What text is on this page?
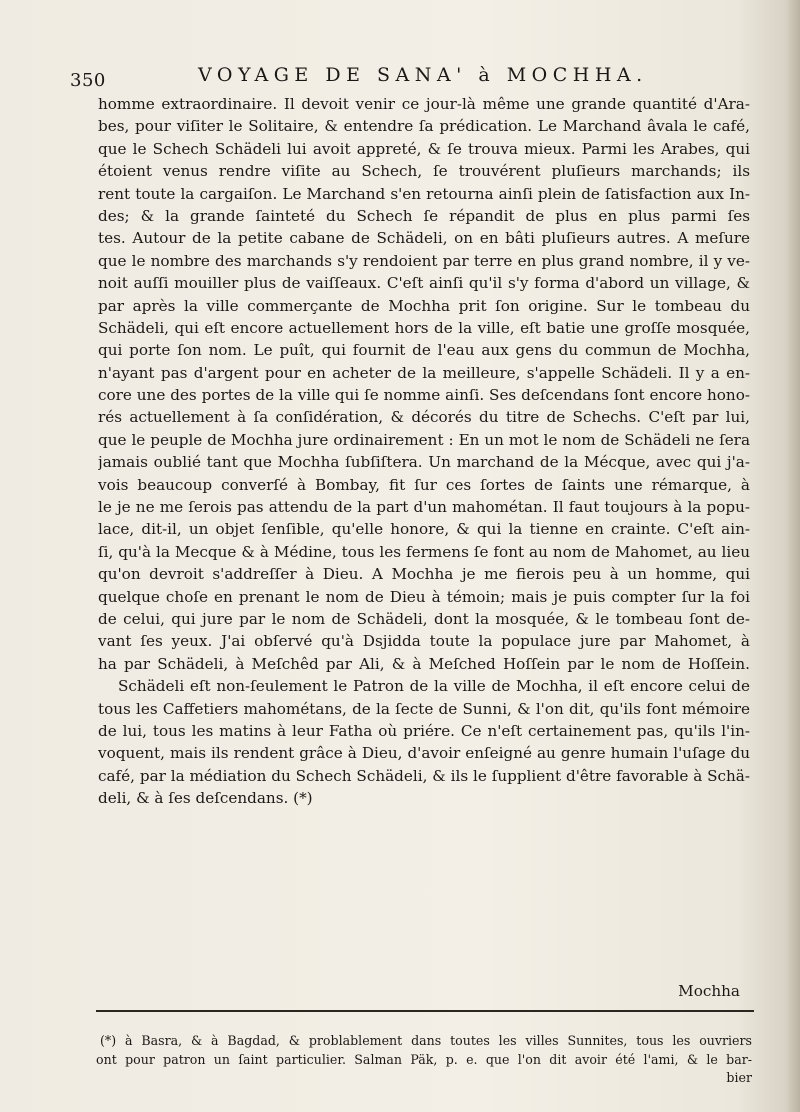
350	VOYAGE DE SANA' à MOCHHA.
homme extraordinaire. Il devoit venir ce jour-là même une grande quantité d'Ara-
bes, pour viſiter le Solitaire, & entendre ſa prédication. Le Marchand âvala le café,
que le Schech Schädeli lui avoit appreté, & ſe trouva mieux. Parmi les Arabes, qui
étoient venus rendre viſite au Schech, ſe trouvérent pluſieurs marchands; ils
rent toute la cargaiſon. Le Marchand s'en retourna ainſi plein de ſatisfaction aux In-
des; & la grande ſainteté du Schech ſe répandit de plus en plus parmi ſes
tes. Autour de la petite cabane de Schädeli, on en bâti pluſieurs autres. A meſure
que le nombre des marchands s'y rendoient par terre en plus grand nombre, il y ve-
noit auſſi mouiller plus de vaiſſeaux. C'eſt ainſi qu'il s'y forma d'abord un village, &
par après la ville commerçante de Mochha prit ſon origine. Sur le tombeau du
Schädeli, qui eſt encore actuellement hors de la ville, eſt batie une groſſe mosquée,
qui porte ſon nom. Le puît, qui fournit de l'eau aux gens du commun de Mochha,
n'ayant pas d'argent pour en acheter de la meilleure, s'appelle Schädeli. Il y a en-
core une des portes de la ville qui ſe nomme ainſi. Ses deſcendans ſont encore hono-
rés actuellement à ſa conſidération, & décorés du titre de Schechs. C'eſt par lui,
que le peuple de Mochha jure ordinairement : En un mot le nom de Schädeli ne ſera
jamais oublié tant que Mochha ſubſiſtera. Un marchand de la Mécque, avec qui j'a-
vois beaucoup converſé à Bombay, fit ſur ces ſortes de ſaints une rémarque, à
le je ne me ſerois pas attendu de la part d'un mahométan. Il faut toujours à la popu-
lace, dit-il, un objet ſenſible, qu'elle honore, & qui la tienne en crainte. C'eſt ain-
ſi, qu'à la Mecque & à Médine, tous les fermens ſe font au nom de Mahomet, au lieu
qu'on devroit s'addreſſer à Dieu. A Mochha je me fierois peu à un homme, qui
quelque choſe en prenant le nom de Dieu à témoin; mais je puis compter ſur la foi
de celui, qui jure par le nom de Schädeli, dont la mosquée, & le tombeau ſont de-
vant ſes yeux. J'ai obſervé qu'à Dsjidda toute la populace jure par Mahomet, à
ha par Schädeli, à Meſchêd par Ali, & à Meſched Hoſſein par le nom de Hoſſein.
Schädeli eſt non-ſeulement le Patron de la ville de Mochha, il eſt encore celui de
tous les Caffetiers mahométans, de la ſecte de Sunni, & l'on dit, qu'ils font mémoire
de lui, tous les matins à leur Fatha où priére. Ce n'eſt certainement pas, qu'ils l'in-
voquent, mais ils rendent grâce à Dieu, d'avoir enſeigné au genre humain l'uſage du
café, par la médiation du Schech Schädeli, & ils le ſupplient d'être favorable à Schä-
deli, & à ſes deſcendans. (*)
Mochha
(*) à Basra, & à Bagdad, & problablement dans toutes les villes Sunnites, tous les ouvriers
ont pour patron un ſaint particulier. Salman Päk, p. e. que l'on dit avoir été l'ami, & le bar-
bier
